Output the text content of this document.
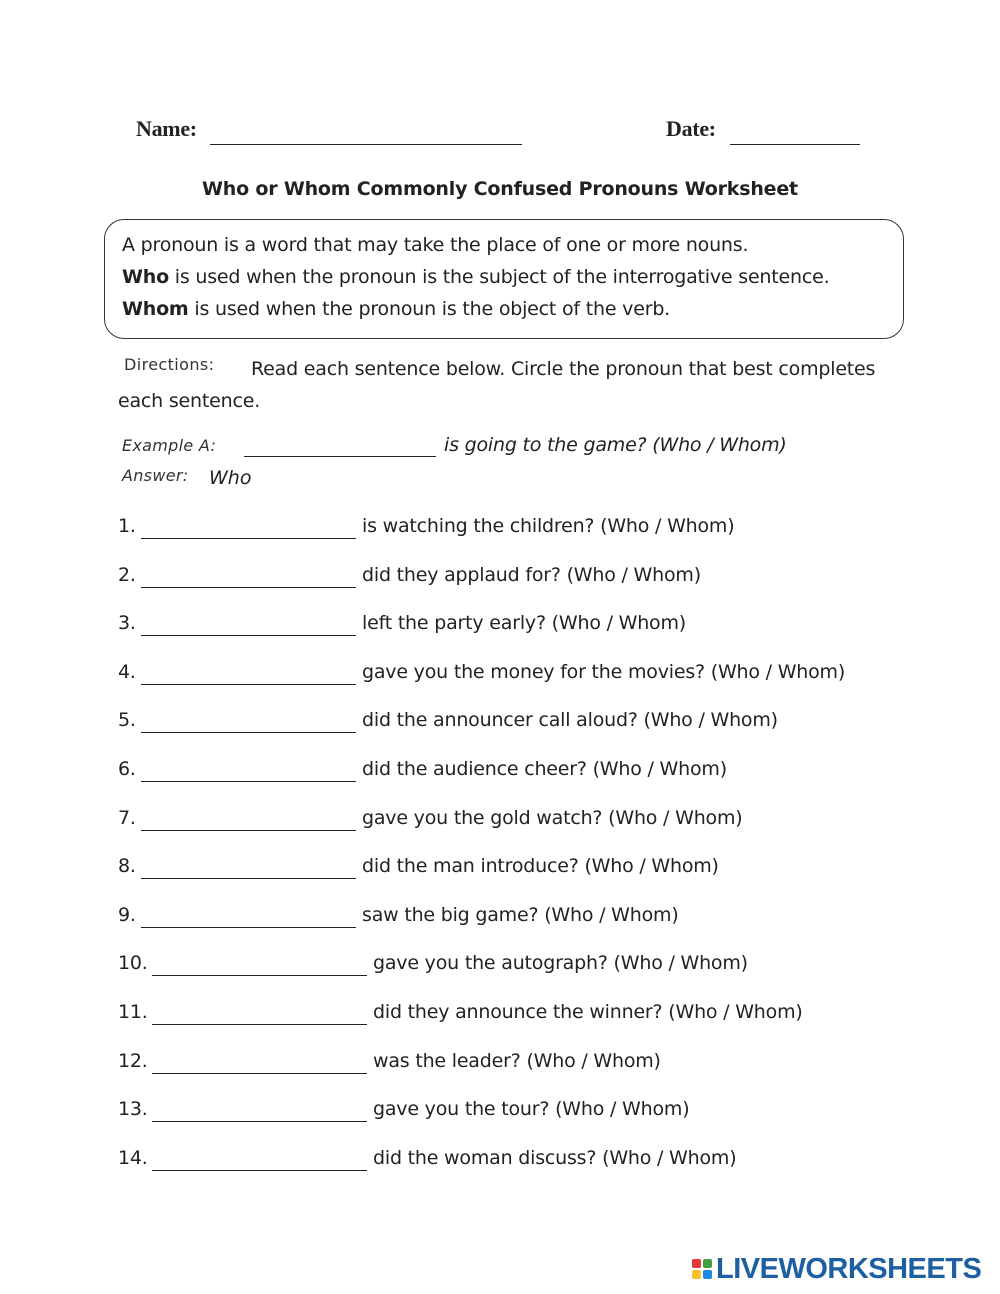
Name:	Date:
Who or Whom Commonly Confused Pronouns Worksheet
A pronoun is a word that may take the place of one or more nouns.
Who is used when the pronoun is the subject of the interrogative sentence.
Whom is used when the pronoun is the object of the verb.
Directions:	Read each sentence below. Circle the pronoun that best completes each sentence.
Example A:	is going to the game? (Who / Whom)
Answer: Who
1.	is watching the children? (Who / Whom)
2.	did they applaud for? (Who / Whom)
3.	left the party early? (Who / Whom)
4.	gave you the money for the movies? (Who / Whom)
5.	did the announcer call aloud? (Who / Whom)
6.	did the audience cheer? (Who / Whom)
7.	gave you the gold watch? (Who / Whom)
8.	did the man introduce? (Who / Whom)
9.	saw the big game? (Who / Whom)
10.	gave you the autograph? (Who / Whom)
11.	did they announce the winner? (Who / Whom)
12.	was the leader? (Who / Whom)
13.	gave you the tour? (Who / Whom)
14.	did the woman discuss? (Who / Whom)
LIVEWORKSHEETS
